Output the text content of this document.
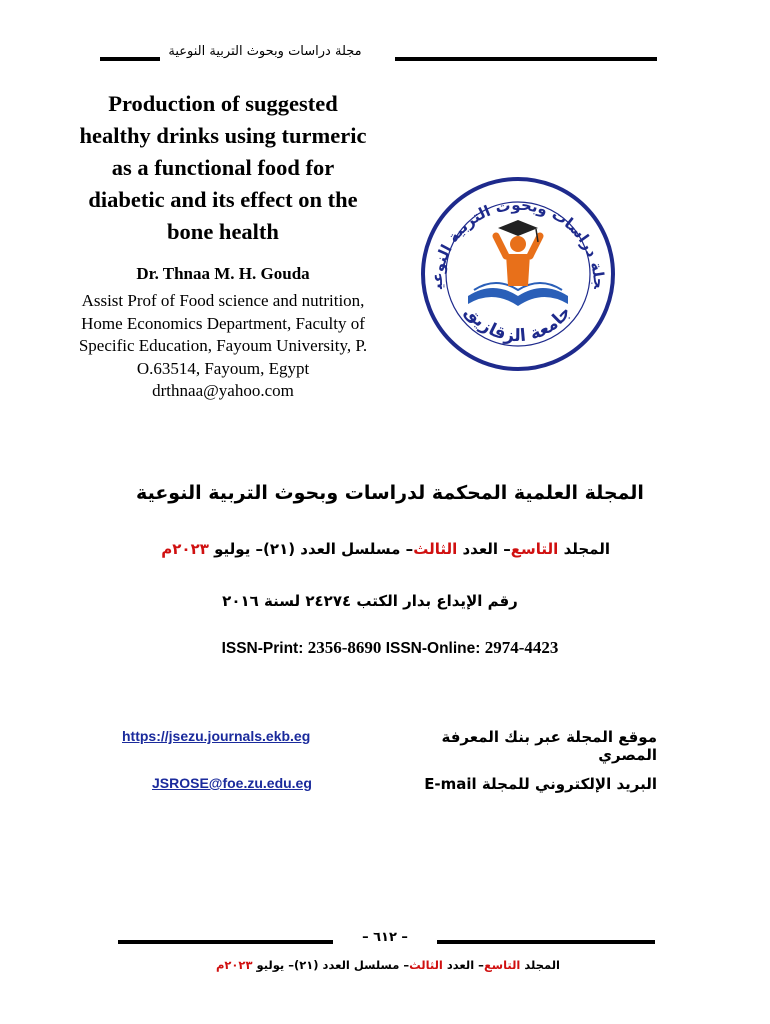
مجلة دراسات وبحوث التربية النوعية
Production of suggested healthy drinks using turmeric as a functional food for diabetic and its effect on the bone health
Dr. Thnaa M. H. Gouda
Assist Prof of Food science and nutrition, Home Economics Department, Faculty of Specific Education, Fayoum University, P. O.63514, Fayoum, Egypt
drthnaa@yahoo.com
جلة دراسات وبحوث التربية النوعي
جامعة الزقازيق
المجلة العلمية المحكمة لدراسات وبحوث التربية النوعية
المجلد التاسع– العدد الثالث– مسلسل العدد (٢١)– يوليو ٢٠٢٣م
رقم الإيداع بدار الكتب ٢٤٢٧٤ لسنة ٢٠١٦
ISSN-Print: 2356-8690 ISSN-Online: 2974-4423
موقع المجلة عبر بنك المعرفة المصري
https://jsezu.journals.ekb.eg
البريد الإلكتروني للمجلة E-mail
JSROSE@foe.zu.edu.eg
– ٦١٢ –
المجلد التاسع– العدد الثالث– مسلسل العدد (٢١)– يوليو ٢٠٢٣م
